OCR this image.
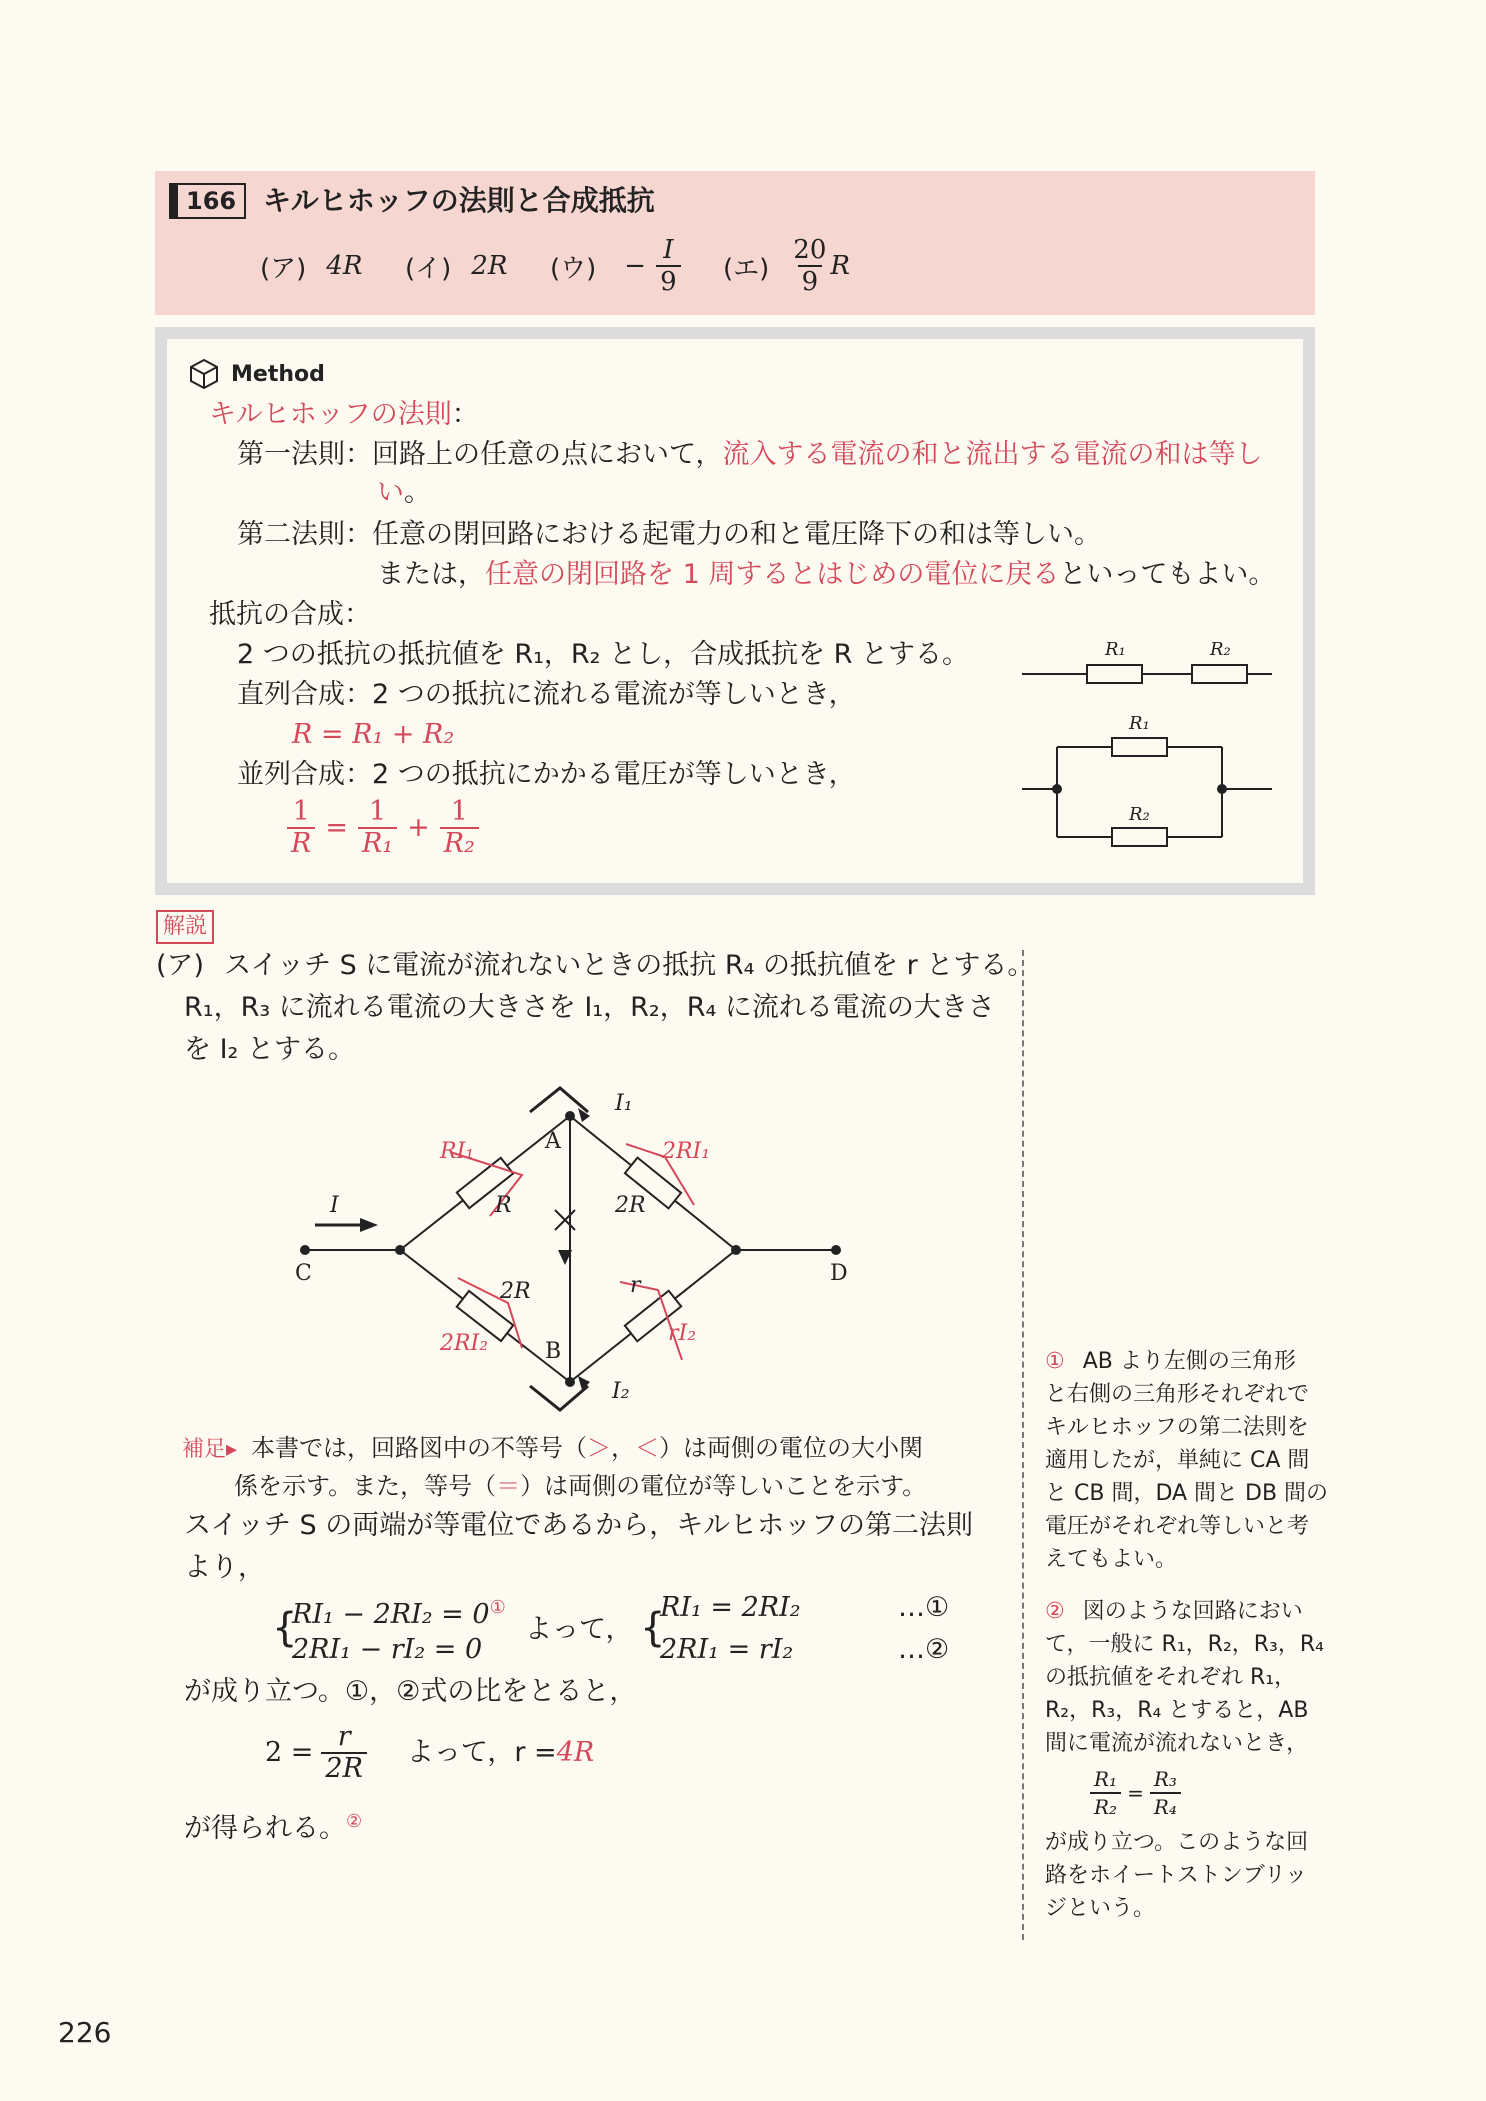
166 キルヒホッフの法則と合成抵抗
(ア) 4R (イ) 2R (ウ) − $\frac{I}{9}$ (エ) $\frac{20}{9}$ R
Method
キルヒホッフの法則：
第一法則：回路上の任意の点において，流入する電流の和と流出する電流の和は等し
い。
第二法則：任意の閉回路における起電力の和と電圧降下の和は等しい。
または，任意の閉回路を 1 周するとはじめの電位に戻るといってもよい。
抵抗の合成：
2 つの抵抗の抵抗値を R₁，R₂ とし，合成抵抗を R とする。
直列合成：2 つの抵抗に流れる電流が等しいとき，
R = R₁ + R₂
並列合成：2 つの抵抗にかかる電圧が等しいとき，
$\frac{1}{R} = \frac{1}{\text{R₁}} + \frac{1}{\text{R₂}}$
R₁	R₂
R₁
R₂
解説
(ア) スイッチ S に電流が流れないときの抵抗 R₄ の抵抗値を r とする。
R₁，R₃ に流れる電流の大きさを I₁，R₂，R₄ に流れる電流の大きさ
を I₂ とする。
I
I₁
I₂
A
B
C	D
R	2R
2R	r
RI₁	2RI₁
2RI₂	rI₂
補足▸ 本書では，回路図中の不等号（＞，＜）は両側の電位の大小関
係を示す。また，等号（＝）は両側の電位が等しいことを示す。
スイッチ S の両端が等電位であるから，キルヒホッフの第二法則
より，
{
RI₁ − 2RI₂ = 0①
2RI₁ − rI₂ = 0
よって， {
RI₁ = 2RI₂
2RI₁ = rI₂
…①
…②
が成り立つ。①，②式の比をとると，
$2 = \frac{r}{2R}$ よって，r = 4R
が得られる。②
① AB より左側の三角形
と右側の三角形それぞれで
キルヒホッフの第二法則を
適用したが，単純に CA 間
と CB 間，DA 間と DB 間の
電圧がそれぞれ等しいと考
えてもよい。
② 図のような回路におい
て，一般に R₁，R₂，R₃，R₄
の抵抗値をそれぞれ R₁，
R₂，R₃，R₄ とすると，AB
間に電流が流れないとき，
$\frac{\text{R₁}}{\text{R₂}} = \frac{\text{R₃}}{\text{R₄}}$
が成り立つ。このような回
路をホイートストンブリッ
ジという。
226
